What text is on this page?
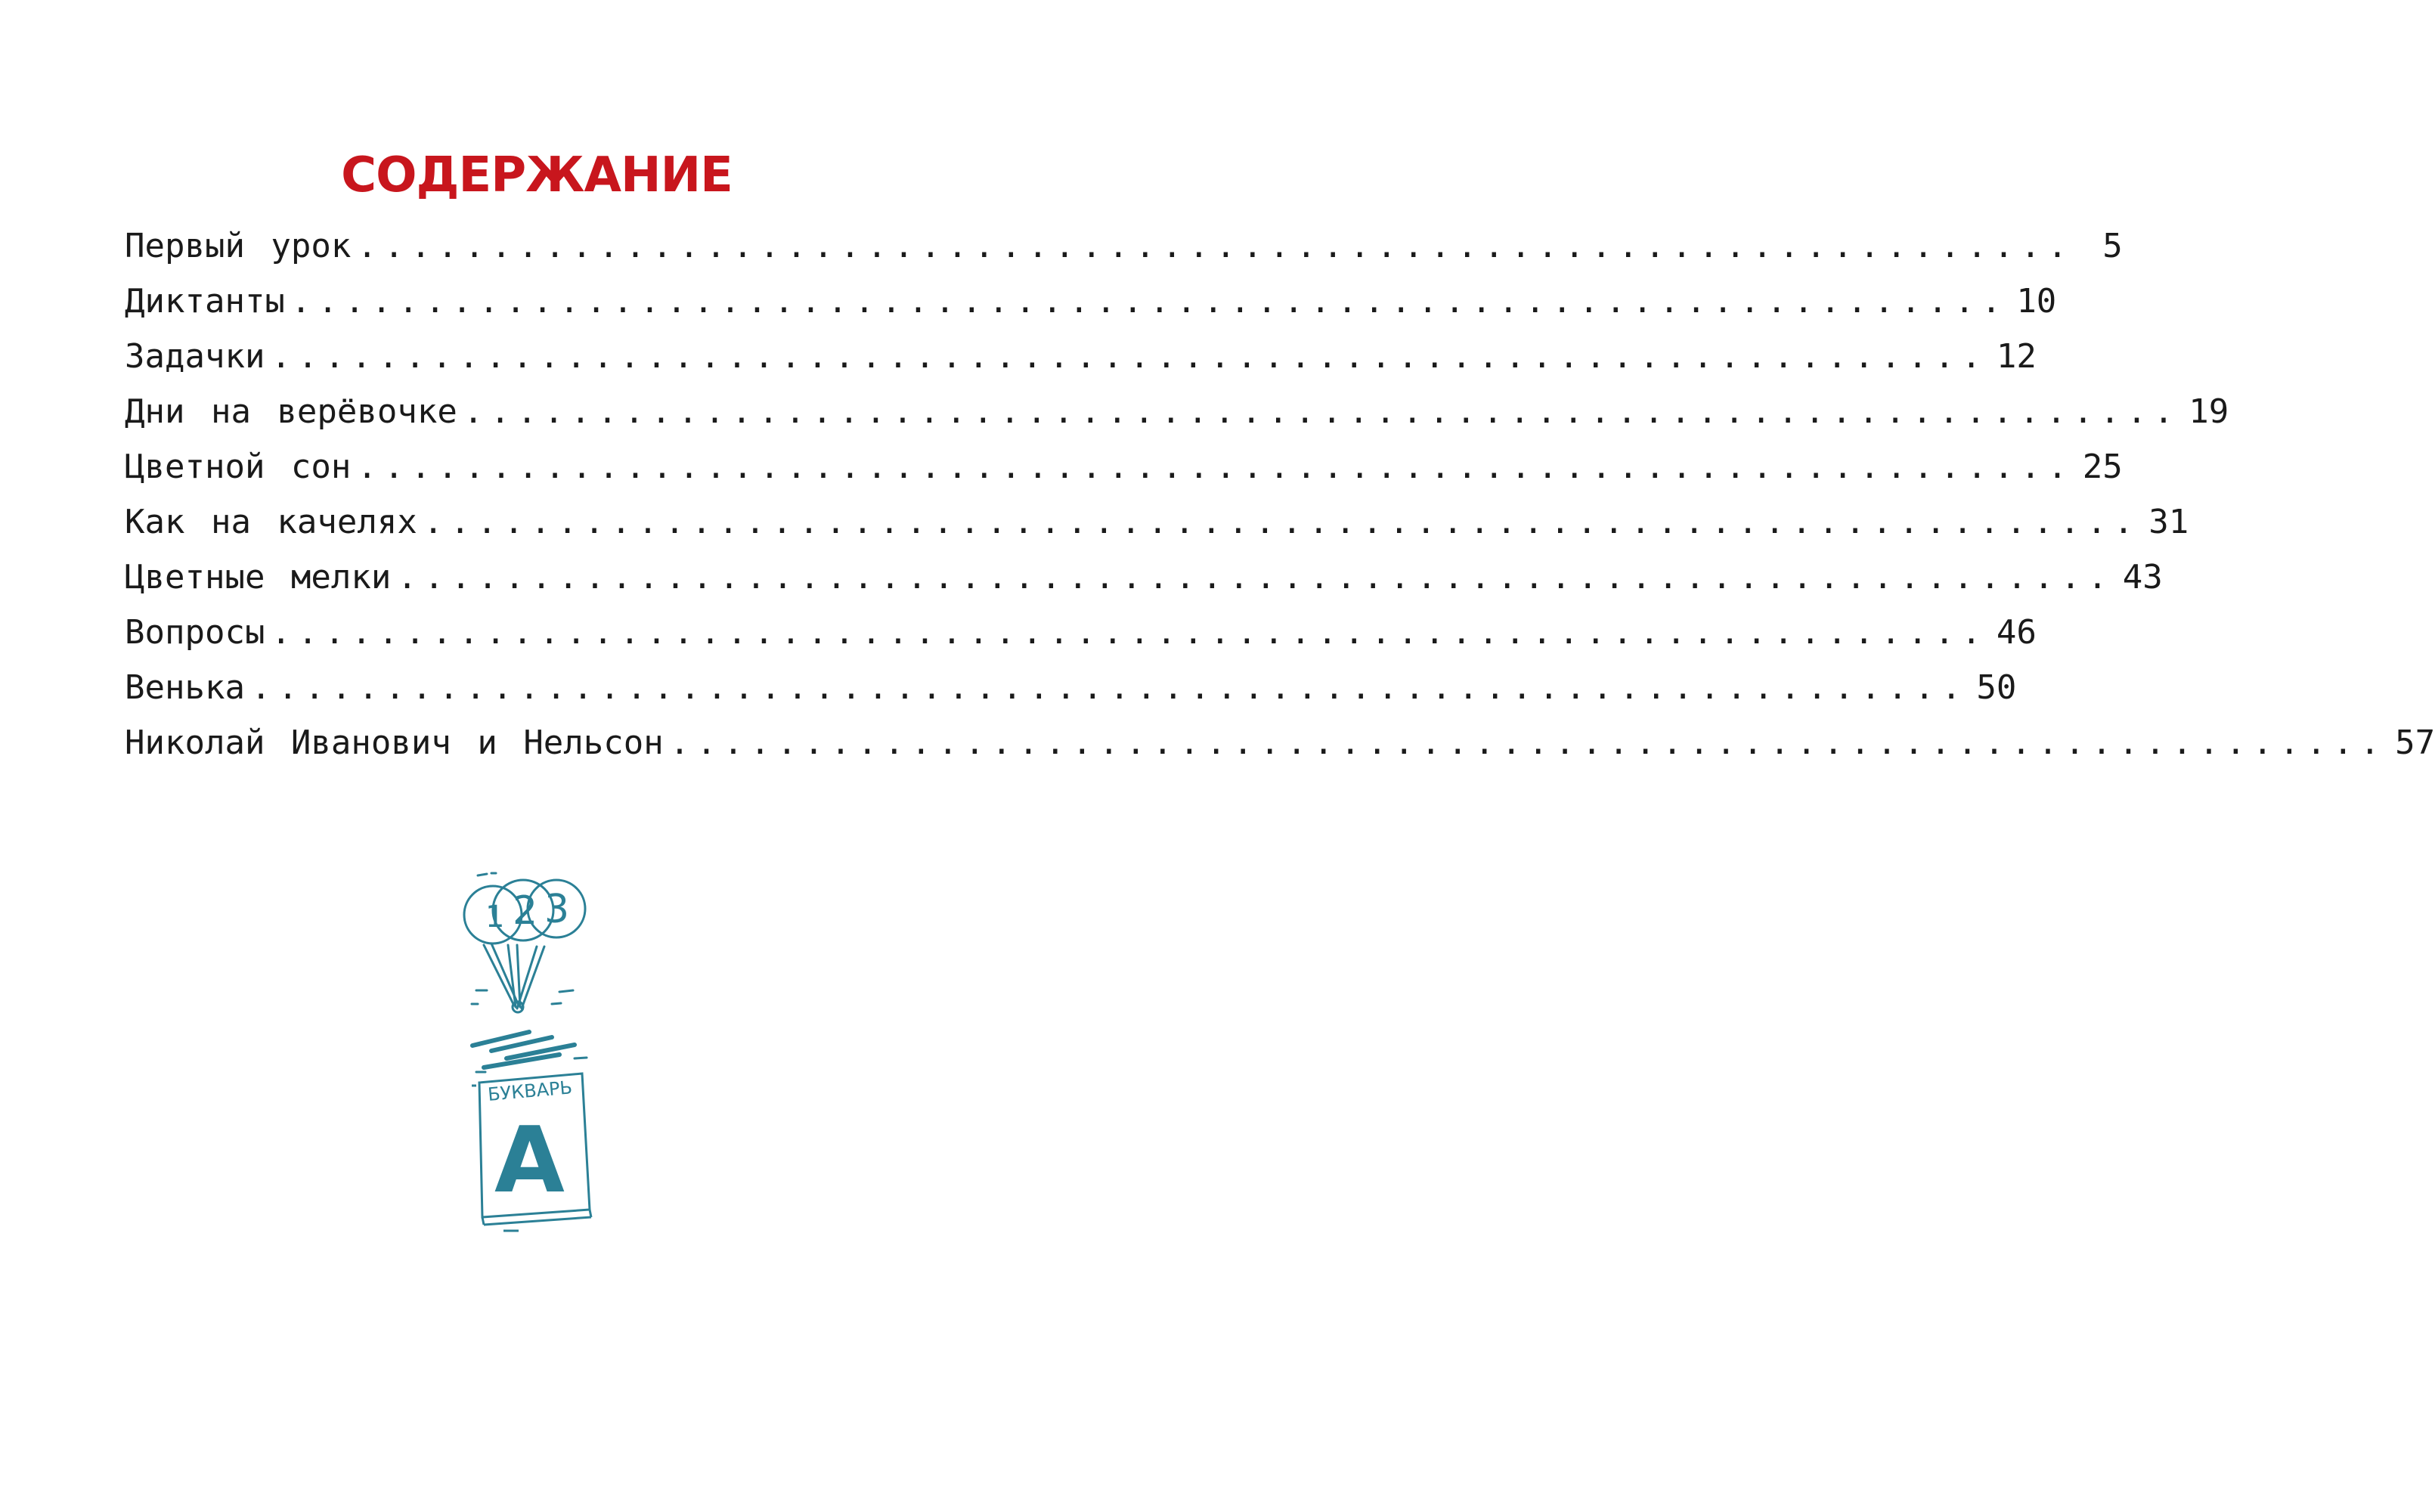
СОДЕРЖАНИЕ
Первый урок ................................................................ 5
Диктанты ................................................................ 10
Задачки ................................................................ 12
Дни на верёвочке ................................................................ 19
Цветной сон ................................................................ 25
Как на качелях ................................................................ 31
Цветные мелки ................................................................ 43
Вопросы ................................................................ 46
Венька ................................................................ 50
Николай Иванович и Нельсон ................................................................ 57
1 2 3
БУКВАРЬ
А
